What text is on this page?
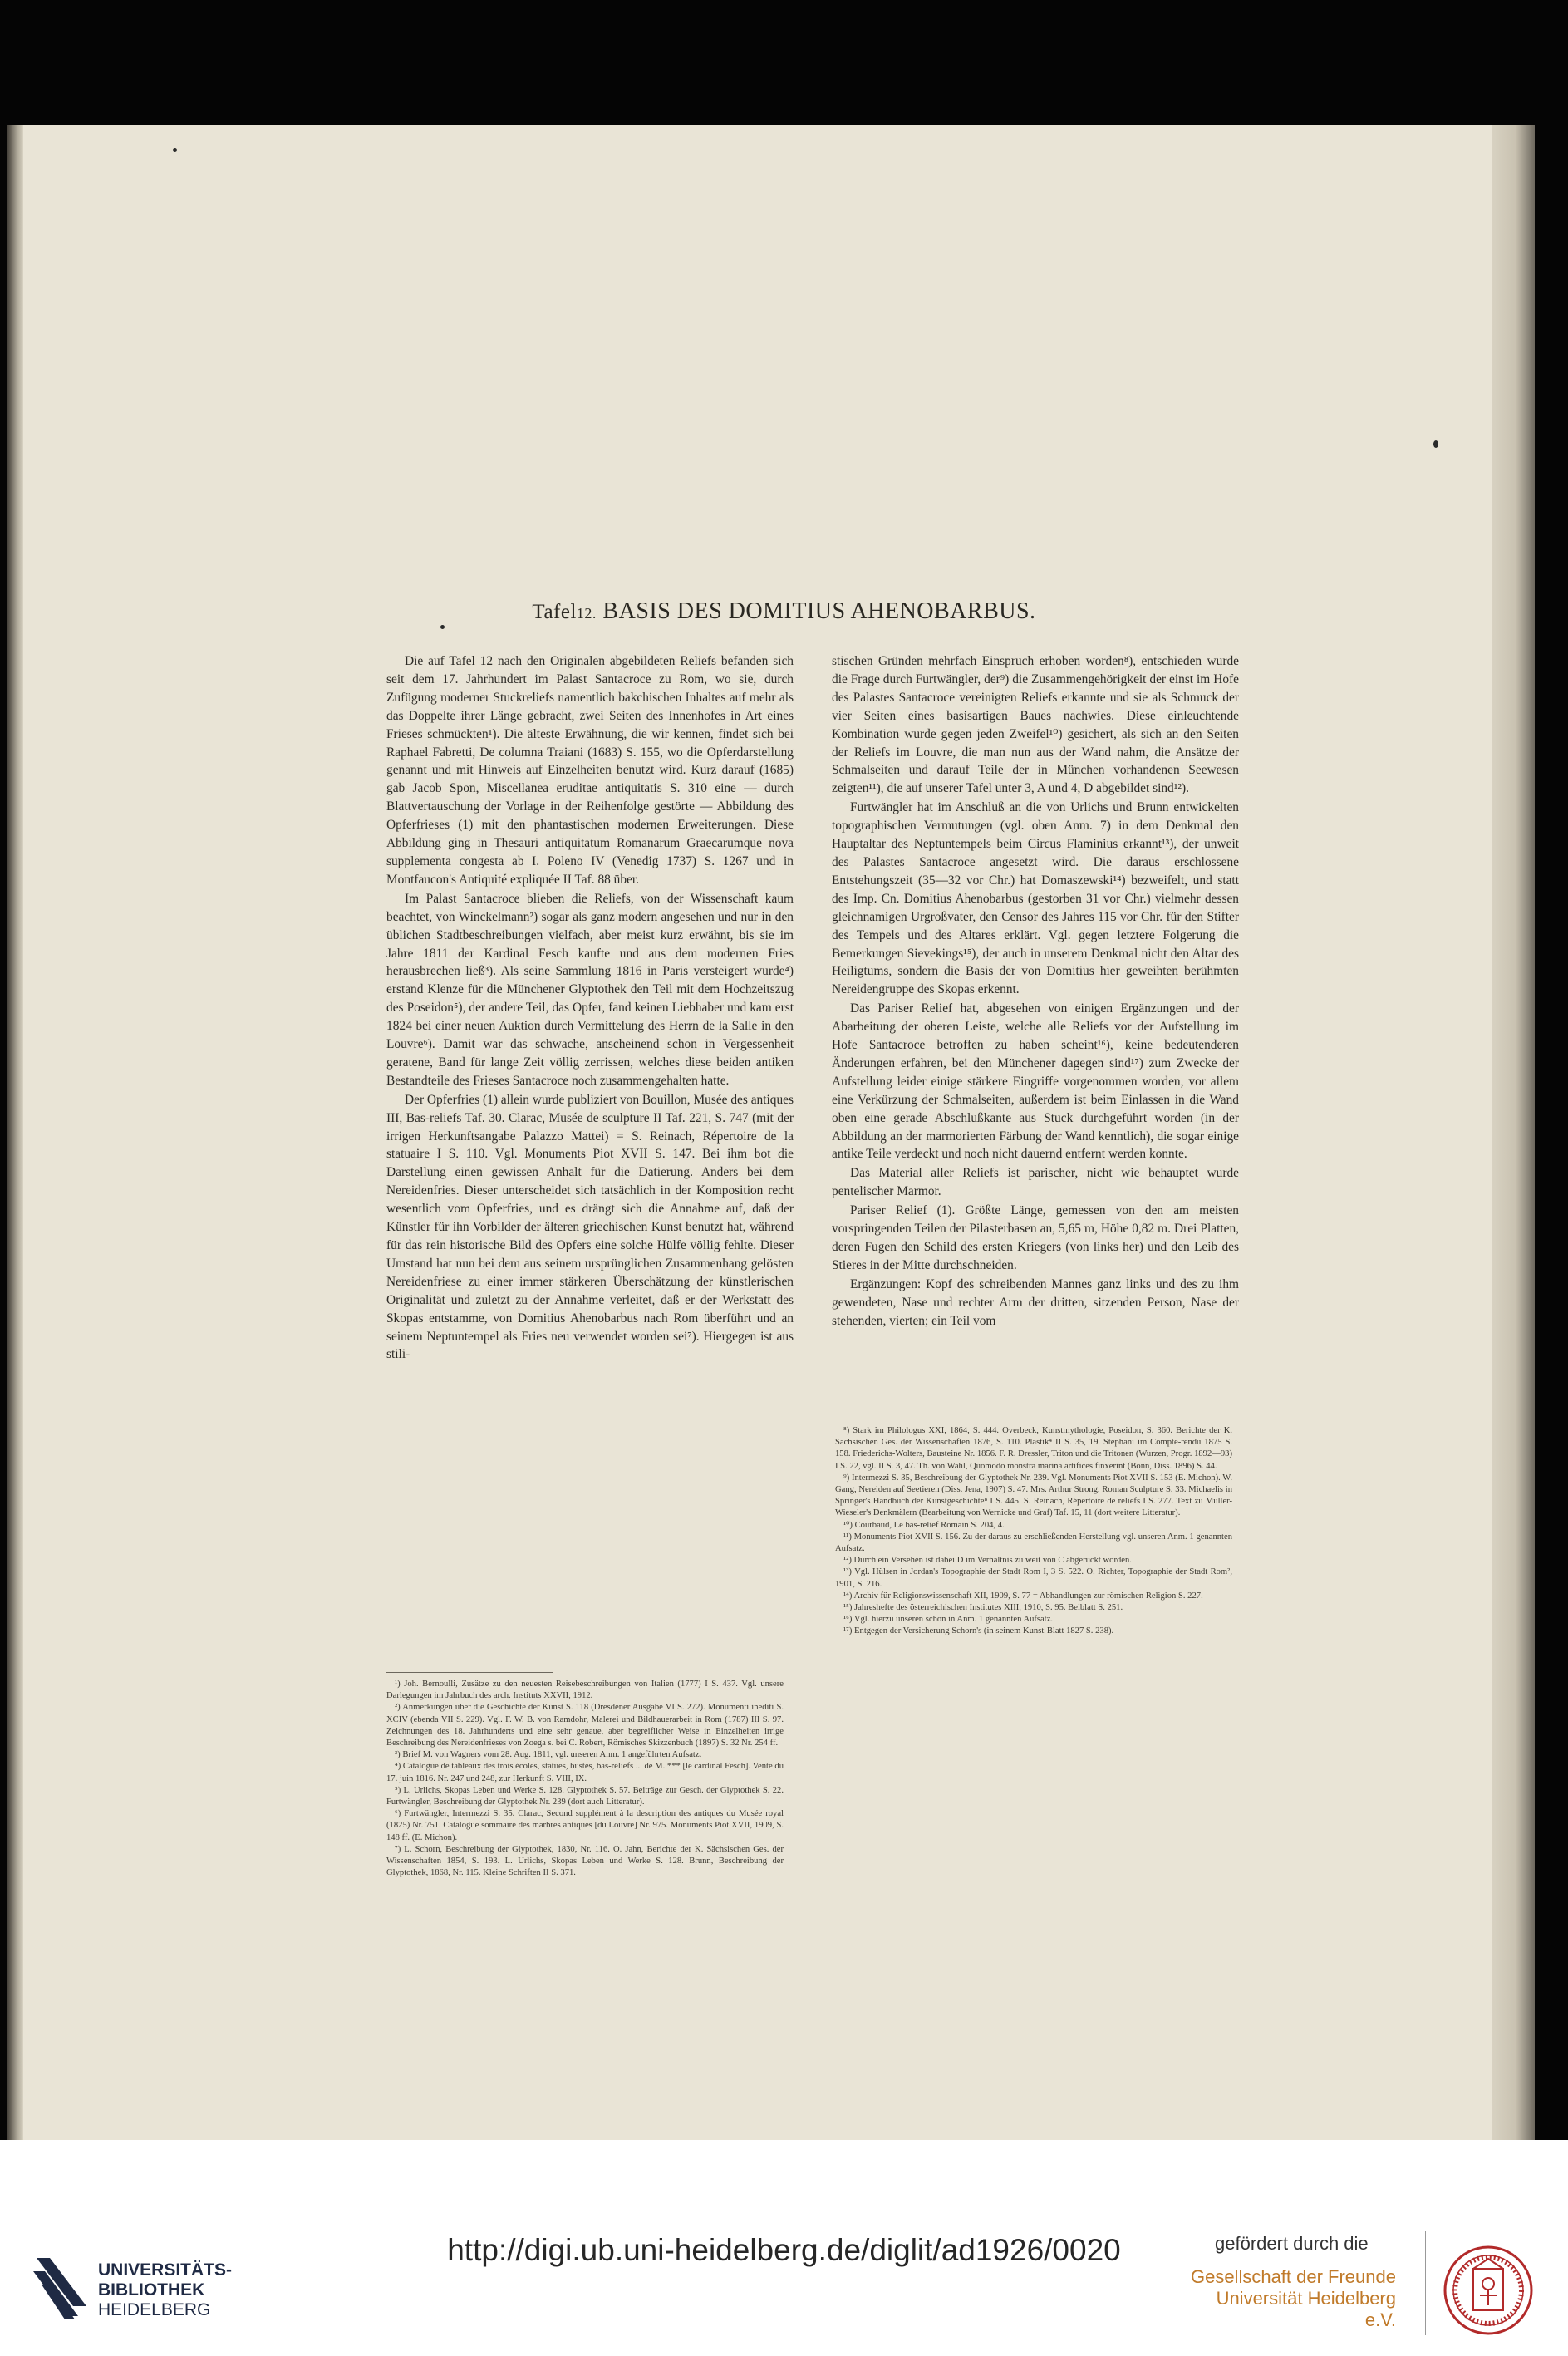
Tafel12. BASIS DES DOMITIUS AHENOBARBUS.

Die auf Tafel 12 nach den Originalen abgebildeten Reliefs befanden sich seit dem 17. Jahrhundert im Palast Santacroce zu Rom, wo sie, durch Zufügung moderner Stuckreliefs namentlich bakchischen Inhaltes auf mehr als das Doppelte ihrer Länge gebracht, zwei Seiten des Innenhofes in Art eines Frieses schmückten¹). Die älteste Erwähnung, die wir kennen, findet sich bei Raphael Fabretti, De columna Traiani (1683) S. 155, wo die Opferdarstellung genannt und mit Hinweis auf Einzelheiten benutzt wird. Kurz darauf (1685) gab Jacob Spon, Miscellanea eruditae antiquitatis S. 310 eine — durch Blattvertauschung der Vorlage in der Reihenfolge gestörte — Abbildung des Opferfrieses (1) mit den phantastischen modernen Erweiterungen. Diese Abbildung ging in Thesauri antiquitatum Romanarum Graecarumque nova supplementa congesta ab I. Poleno IV (Venedig 1737) S. 1267 und in Montfaucon's Antiquité expliquée II Taf. 88 über.

Im Palast Santacroce blieben die Reliefs, von der Wissenschaft kaum beachtet, von Winckelmann²) sogar als ganz modern angesehen und nur in den üblichen Stadtbeschreibungen vielfach, aber meist kurz erwähnt, bis sie im Jahre 1811 der Kardinal Fesch kaufte und aus dem modernen Fries herausbrechen ließ³). Als seine Sammlung 1816 in Paris versteigert wurde⁴) erstand Klenze für die Münchener Glyptothek den Teil mit dem Hochzeitszug des Poseidon⁵), der andere Teil, das Opfer, fand keinen Liebhaber und kam erst 1824 bei einer neuen Auktion durch Vermittelung des Herrn de la Salle in den Louvre⁶). Damit war das schwache, anscheinend schon in Vergessenheit geratene, Band für lange Zeit völlig zerrissen, welches diese beiden antiken Bestandteile des Frieses Santacroce noch zusammengehalten hatte.

Der Opferfries (1) allein wurde publiziert von Bouillon, Musée des antiques III, Bas-reliefs Taf. 30. Clarac, Musée de sculpture II Taf. 221, S. 747 (mit der irrigen Herkunftsangabe Palazzo Mattei) = S. Reinach, Répertoire de la statuaire I S. 110. Vgl. Monuments Piot XVII S. 147. Bei ihm bot die Darstellung einen gewissen Anhalt für die Datierung. Anders bei dem Nereidenfries. Dieser unterscheidet sich tatsächlich in der Komposition recht wesentlich vom Opferfries, und es drängt sich die Annahme auf, daß der Künstler für ihn Vorbilder der älteren griechischen Kunst benutzt hat, während für das rein historische Bild des Opfers eine solche Hülfe völlig fehlte. Dieser Umstand hat nun bei dem aus seinem ursprünglichen Zusammenhang gelösten Nereidenfriese zu einer immer stärkeren Überschätzung der künstlerischen Originalität und zuletzt zu der Annahme verleitet, daß er der Werkstatt des Skopas entstamme, von Domitius Ahenobarbus nach Rom überführt und an seinem Neptuntempel als Fries neu verwendet worden sei⁷). Hiergegen ist aus stili-

stischen Gründen mehrfach Einspruch erhoben worden⁸), entschieden wurde die Frage durch Furtwängler, der⁹) die Zusammengehörigkeit der einst im Hofe des Palastes Santacroce vereinigten Reliefs erkannte und sie als Schmuck der vier Seiten eines basisartigen Baues nachwies. Diese einleuchtende Kombination wurde gegen jeden Zweifel¹⁰) gesichert, als sich an den Seiten der Reliefs im Louvre, die man nun aus der Wand nahm, die Ansätze der Schmalseiten und darauf Teile der in München vorhandenen Seewesen zeigten¹¹), die auf unserer Tafel unter 3, A und 4, D abgebildet sind¹²).

Furtwängler hat im Anschluß an die von Urlichs und Brunn entwickelten topographischen Vermutungen (vgl. oben Anm. 7) in dem Denkmal den Hauptaltar des Neptuntempels beim Circus Flaminius erkannt¹³), der unweit des Palastes Santacroce angesetzt wird. Die daraus erschlossene Entstehungszeit (35—32 vor Chr.) hat Domaszewski¹⁴) bezweifelt, und statt des Imp. Cn. Domitius Ahenobarbus (gestorben 31 vor Chr.) vielmehr dessen gleichnamigen Urgroßvater, den Censor des Jahres 115 vor Chr. für den Stifter des Tempels und des Altares erklärt. Vgl. gegen letztere Folgerung die Bemerkungen Sievekings¹⁵), der auch in unserem Denkmal nicht den Altar des Heiligtums, sondern die Basis der von Domitius hier geweihten berühmten Nereidengruppe des Skopas erkennt.

Das Pariser Relief hat, abgesehen von einigen Ergänzungen und der Abarbeitung der oberen Leiste, welche alle Reliefs vor der Aufstellung im Hofe Santacroce betroffen zu haben scheint¹⁶), keine bedeutenderen Änderungen erfahren, bei den Münchener dagegen sind¹⁷) zum Zwecke der Aufstellung leider einige stärkere Eingriffe vorgenommen worden, vor allem eine Verkürzung der Schmalseiten, außerdem ist beim Einlassen in die Wand oben eine gerade Abschlußkante aus Stuck durchgeführt worden (in der Abbildung an der marmorierten Färbung der Wand kenntlich), die sogar einige antike Teile verdeckt und noch nicht dauernd entfernt werden konnte.

Das Material aller Reliefs ist parischer, nicht wie behauptet wurde pentelischer Marmor.

Pariser Relief (1). Größte Länge, gemessen von den am meisten vorspringenden Teilen der Pilasterbasen an, 5,65 m, Höhe 0,82 m. Drei Platten, deren Fugen den Schild des ersten Kriegers (von links her) und den Leib des Stieres in der Mitte durchschneiden.

Ergänzungen: Kopf des schreibenden Mannes ganz links und des zu ihm gewendeten, Nase und rechter Arm der dritten, sitzenden Person, Nase der stehenden, vierten; ein Teil vom

¹) Joh. Bernoulli, Zusätze zu den neuesten Reisebeschreibungen von Italien (1777) I S. 437. Vgl. unsere Darlegungen im Jahrbuch des arch. Instituts XXVII, 1912.

²) Anmerkungen über die Geschichte der Kunst S. 118 (Dresdener Ausgabe VI S. 272). Monumenti inediti S. XCIV (ebenda VII S. 229). Vgl. F. W. B. von Ramdohr, Malerei und Bildhauerarbeit in Rom (1787) III S. 97. Zeichnungen des 18. Jahrhunderts und eine sehr genaue, aber begreiflicher Weise in Einzelheiten irrige Beschreibung des Nereidenfrieses von Zoega s. bei C. Robert, Römisches Skizzenbuch (1897) S. 32 Nr. 254 ff.

³) Brief M. von Wagners vom 28. Aug. 1811, vgl. unseren Anm. 1 angeführten Aufsatz.

⁴) Catalogue de tableaux des trois écoles, statues, bustes, bas-reliefs ... de M. *** [le cardinal Fesch]. Vente du 17. juin 1816. Nr. 247 und 248, zur Herkunft S. VIII, IX.

⁵) L. Urlichs, Skopas Leben und Werke S. 128. Glyptothek S. 57. Beiträge zur Gesch. der Glyptothek S. 22. Furtwängler, Beschreibung der Glyptothek Nr. 239 (dort auch Litteratur).

⁶) Furtwängler, Intermezzi S. 35. Clarac, Second supplément à la description des antiques du Musée royal (1825) Nr. 751. Catalogue sommaire des marbres antiques [du Louvre] Nr. 975. Monuments Piot XVII, 1909, S. 148 ff. (E. Michon).

⁷) L. Schorn, Beschreibung der Glyptothek, 1830, Nr. 116. O. Jahn, Berichte der K. Sächsischen Ges. der Wissenschaften 1854, S. 193. L. Urlichs, Skopas Leben und Werke S. 128. Brunn, Beschreibung der Glyptothek, 1868, Nr. 115. Kleine Schriften II S. 371.

⁸) Stark im Philologus XXI, 1864, S. 444. Overbeck, Kunstmythologie, Poseidon, S. 360. Berichte der K. Sächsischen Ges. der Wissenschaften 1876, S. 110. Plastik⁴ II S. 35, 19. Stephani im Compte-rendu 1875 S. 158. Friederichs-Wolters, Bausteine Nr. 1856. F. R. Dressler, Triton und die Tritonen (Wurzen, Progr. 1892—93) I S. 22, vgl. II S. 3, 47. Th. von Wahl, Quomodo monstra marina artifices finxerint (Bonn, Diss. 1896) S. 44.

⁹) Intermezzi S. 35, Beschreibung der Glyptothek Nr. 239. Vgl. Monuments Piot XVII S. 153 (E. Michon). W. Gang, Nereiden auf Seetieren (Diss. Jena, 1907) S. 47. Mrs. Arthur Strong, Roman Sculpture S. 33. Michaelis in Springer's Handbuch der Kunstgeschichte⁸ I S. 445. S. Reinach, Répertoire de reliefs I S. 277. Text zu Müller-Wieseler's Denkmälern (Bearbeitung von Wernicke und Graf) Taf. 15, 11 (dort weitere Litteratur).

¹⁰) Courbaud, Le bas-relief Romain S. 204, 4.

¹¹) Monuments Piot XVII S. 156. Zu der daraus zu erschließenden Herstellung vgl. unseren Anm. 1 genannten Aufsatz.

¹²) Durch ein Versehen ist dabei D im Verhältnis zu weit von C abgerückt worden.

¹³) Vgl. Hülsen in Jordan's Topographie der Stadt Rom I, 3 S. 522. O. Richter, Topographie der Stadt Rom², 1901, S. 216.

¹⁴) Archiv für Religionswissenschaft XII, 1909, S. 77 = Abhandlungen zur römischen Religion S. 227.

¹⁵) Jahreshefte des österreichischen Institutes XIII, 1910, S. 95. Beiblatt S. 251.

¹⁶) Vgl. hierzu unseren schon in Anm. 1 genannten Aufsatz.

¹⁷) Entgegen der Versicherung Schorn's (in seinem Kunst-Blatt 1827 S. 238).

UNIVERSITÄTS-
BIBLIOTHEK
HEIDELBERG
http://digi.ub.uni-heidelberg.de/diglit/ad1926/0020	gefördert durch die
Gesellschaft der Freunde
Universität Heidelberg e.V.
